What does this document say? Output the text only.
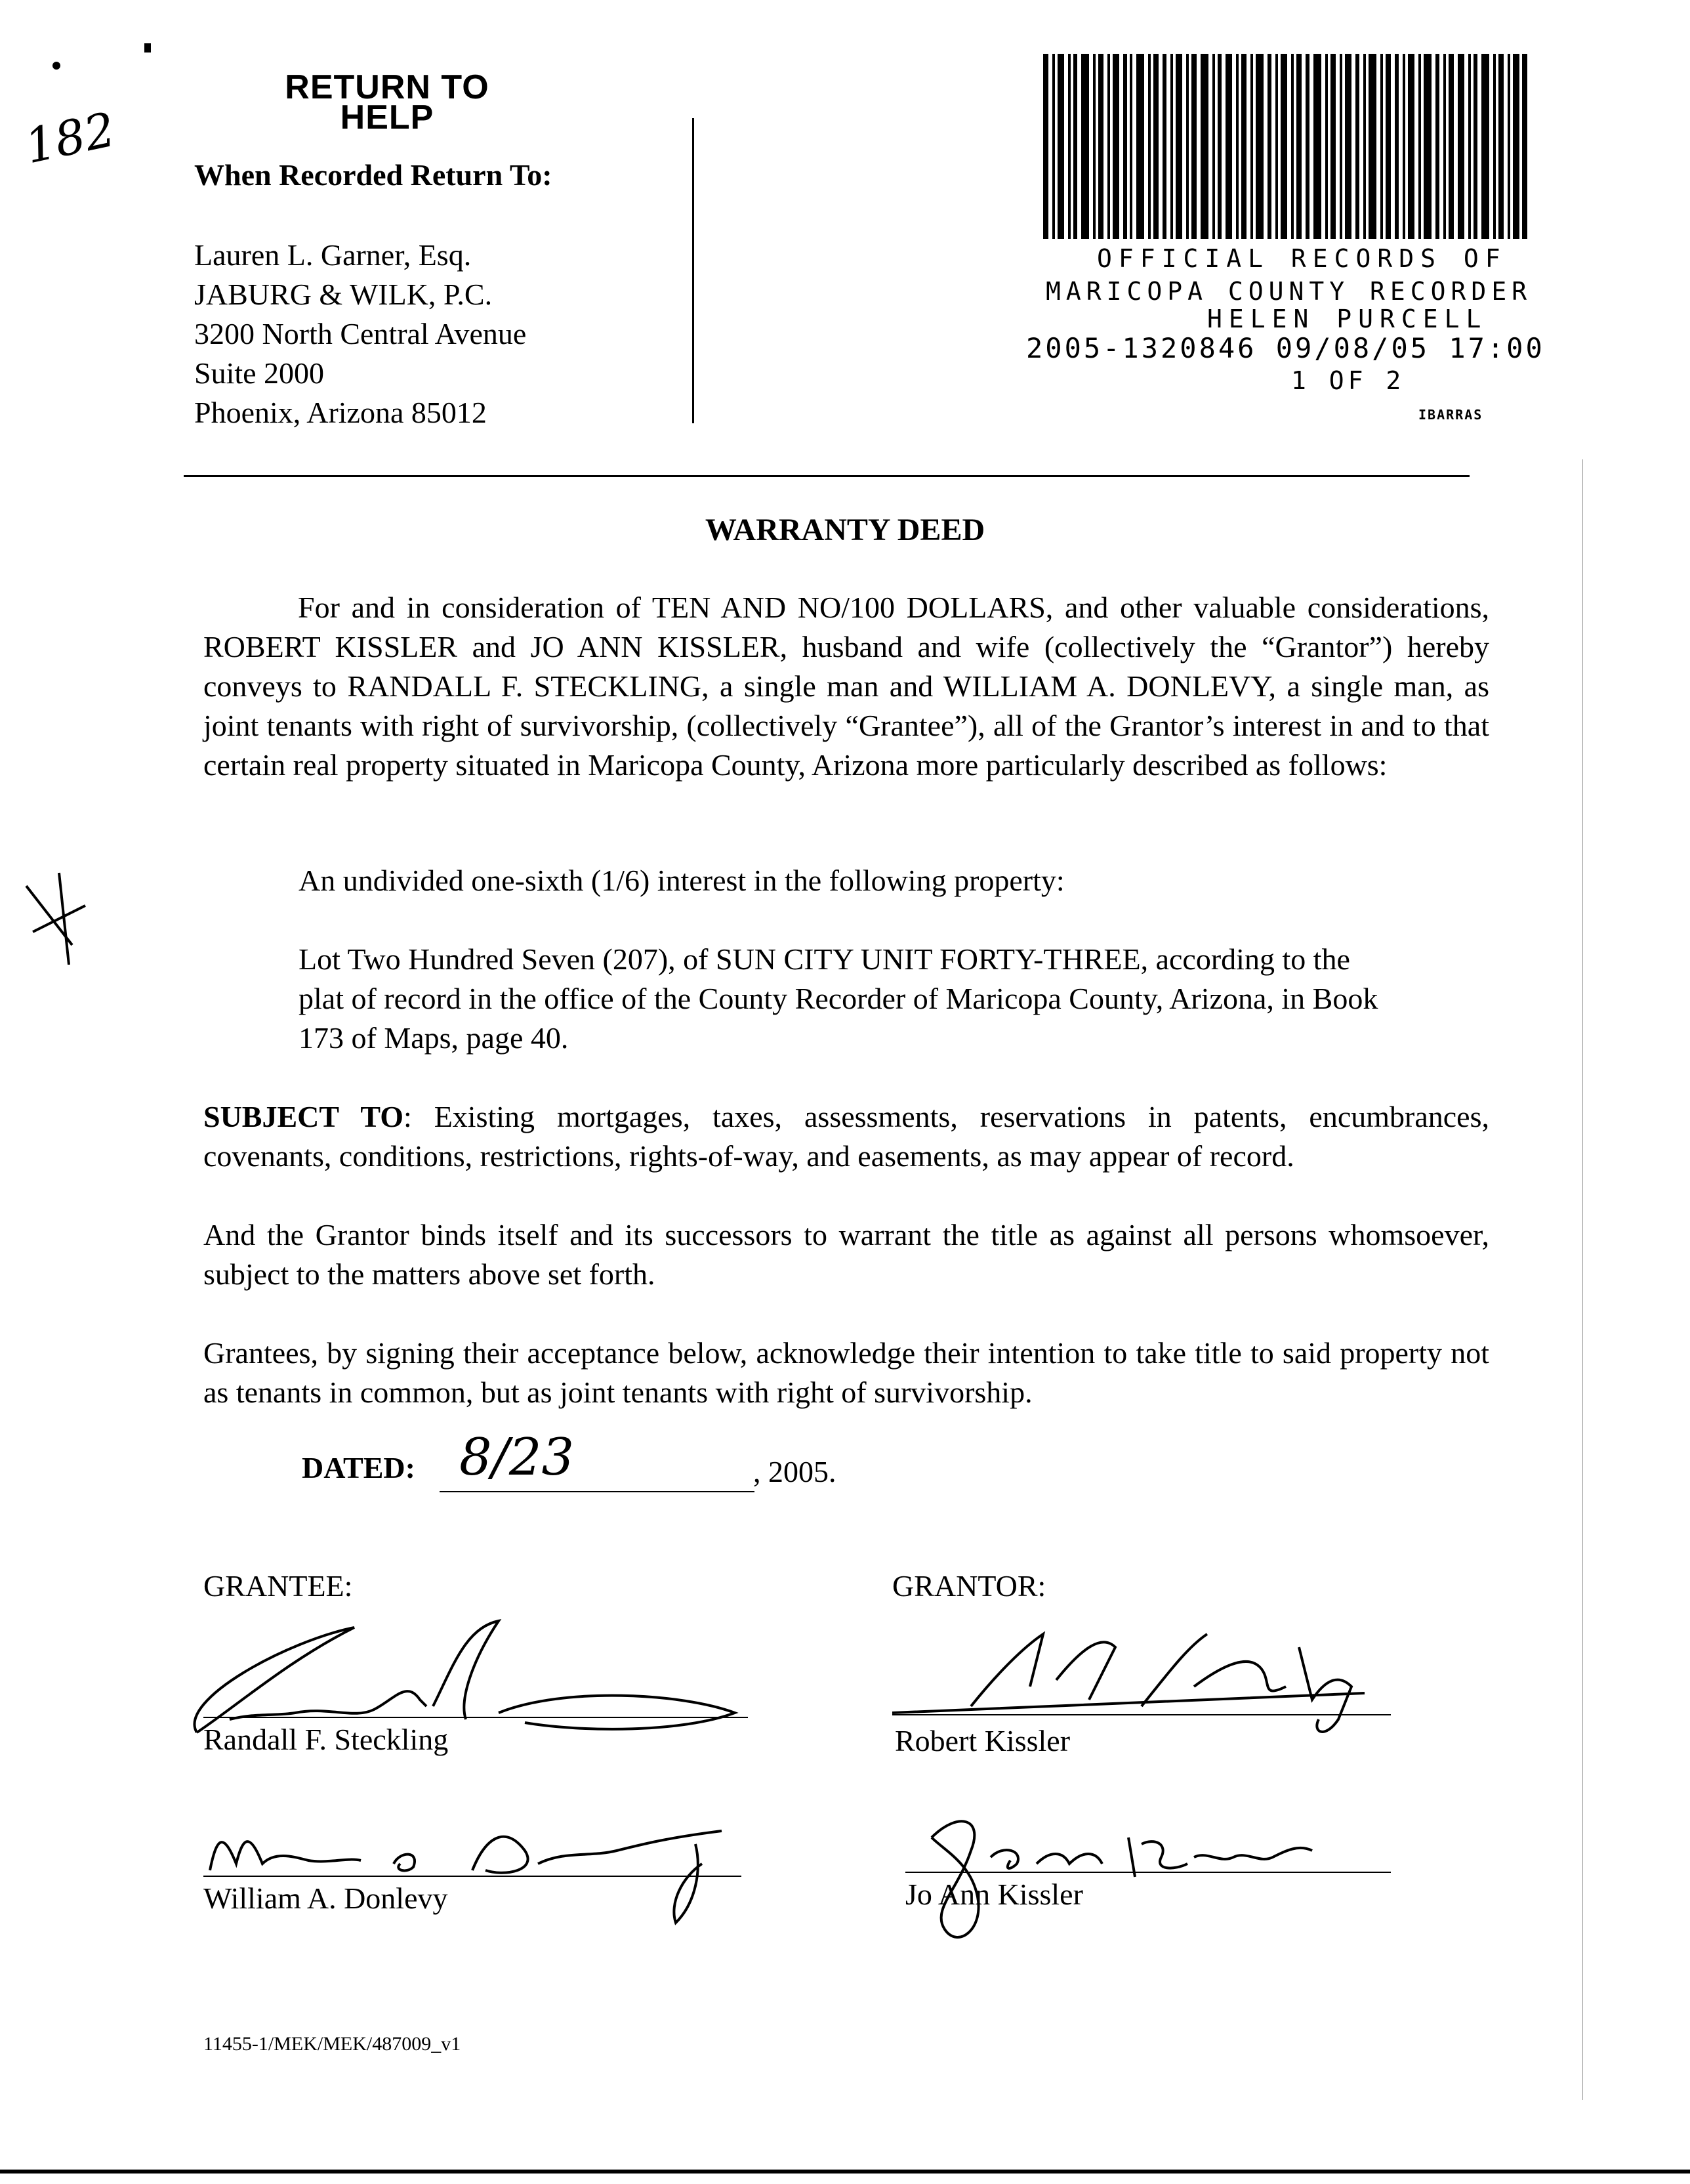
182
RETURN TO
HELP
When Recorded Return To:
Lauren L. Garner, Esq.
JABURG & WILK, P.C.
3200 North Central Avenue
Suite 2000
Phoenix, Arizona 85012
OFFICIAL RECORDS OF
MARICOPA COUNTY RECORDER
HELEN PURCELL
2005-1320846 09/08/05 17:00
1 OF 2
IBARRAS
WARRANTY DEED

For and in consideration of TEN AND NO/100 DOLLARS, and other valuable considerations, ROBERT KISSLER and JO ANN KISSLER, husband and wife (collectively the “Grantor”) hereby conveys to RANDALL F. STECKLING, a single man and WILLIAM A. DONLEVY, a single man, as joint tenants with right of survivorship, (collectively “Grantee”), all of the Grantor’s interest in and to that certain real property situated in Maricopa County, Arizona more particularly described as follows:

An undivided one-sixth (1/6) interest in the following property:
Lot Two Hundred Seven (207), of SUN CITY UNIT FORTY-THREE, according to the plat of record in the office of the County Recorder of Maricopa County, Arizona, in Book 173 of Maps, page 40.

SUBJECT TO: Existing mortgages, taxes, assessments, reservations in patents, encumbrances, covenants, conditions, restrictions, rights-of-way, and easements, as may appear of record.

And the Grantor binds itself and its successors to warrant the title as against all persons whomsoever, subject to the matters above set forth.
Grantees, by signing their acceptance below, acknowledge their intention to take title to said property not as tenants in common, but as joint tenants with right of survivorship.
DATED: 8/23	, 2005.
GRANTEE:	GRANTOR:
Randall F. Steckling	Robert Kissler
William A. Donlevy	Jo Ann Kissler
11455-1/MEK/MEK/487009_v1
